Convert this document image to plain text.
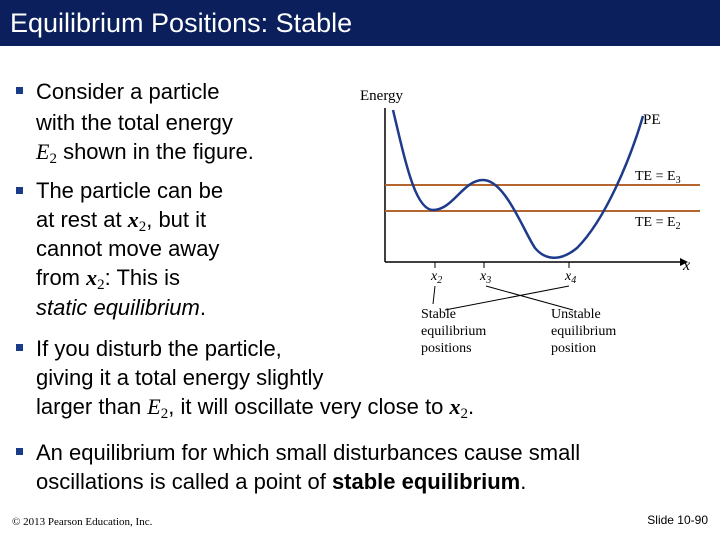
Equilibrium Positions: Stable
Consider a particle
with the total energy
$E_2$ shown in the figure.
The particle can be
at rest at $x_2$, but it
cannot move away
from $x_2$: This is
static equilibrium.
If you disturb the particle,
giving it a total energy slightly
larger than $E_2$, it will oscillate very close to $x_2$.
An equilibrium for which small disturbances cause small
oscillations is called a point of stable equilibrium.
Energy
x
PE
TE = $E_3$
TE = $E_2$
$x_2$	$x_3$	$x_4$
Stable equilibrium positions
Unstable equilibrium position
© 2013 Pearson Education, Inc.	Slide 10-90
